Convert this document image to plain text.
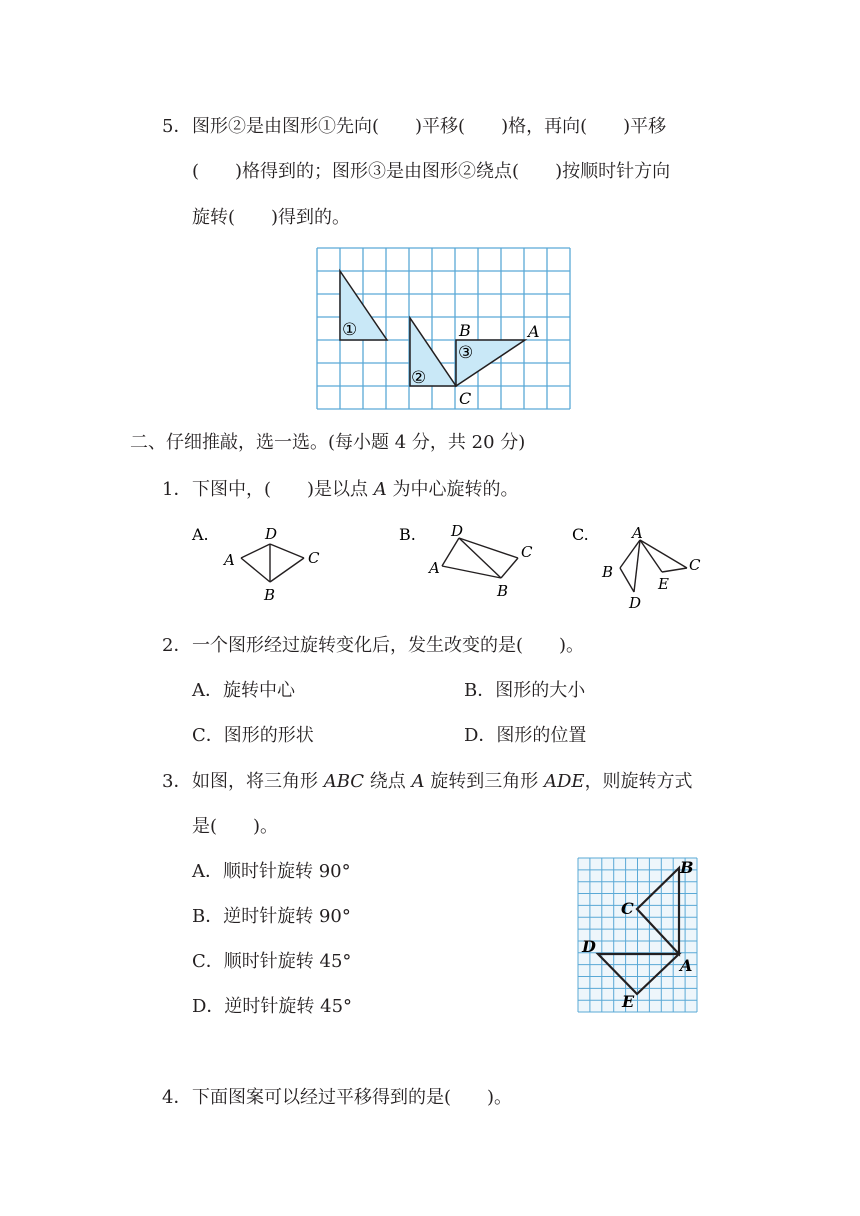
5． 图形②是由图形①先向(　　)平移(　　)格，再向(　　)平移
(　　)格得到的；图形③是由图形②绕点(　　)按顺时针方向
旋转(　　)得到的。
①
②
③
B	A
C
二、仔细推敲，选一选。(每小题 4 分，共 20 分)
1． 下图中，(　　)是以点 A 为中心旋转的。
A.	D
A	C
B
B. D
A
C
B
C.	A
B	C
E
D
2． 一个图形经过旋转变化后，发生改变的是(　　)。
A．旋转中心	B．图形的大小
C．图形的形状	D．图形的位置
3． 如图，将三角形 ABC 绕点 A 旋转到三角形 ADE，则旋转方式
是(　　)。
A．顺时针旋转 90°
B．逆时针旋转 90°
C．顺时针旋转 45°
D．逆时针旋转 45°
B
C
D
A
E
4． 下面图案可以经过平移得到的是(　　)。
